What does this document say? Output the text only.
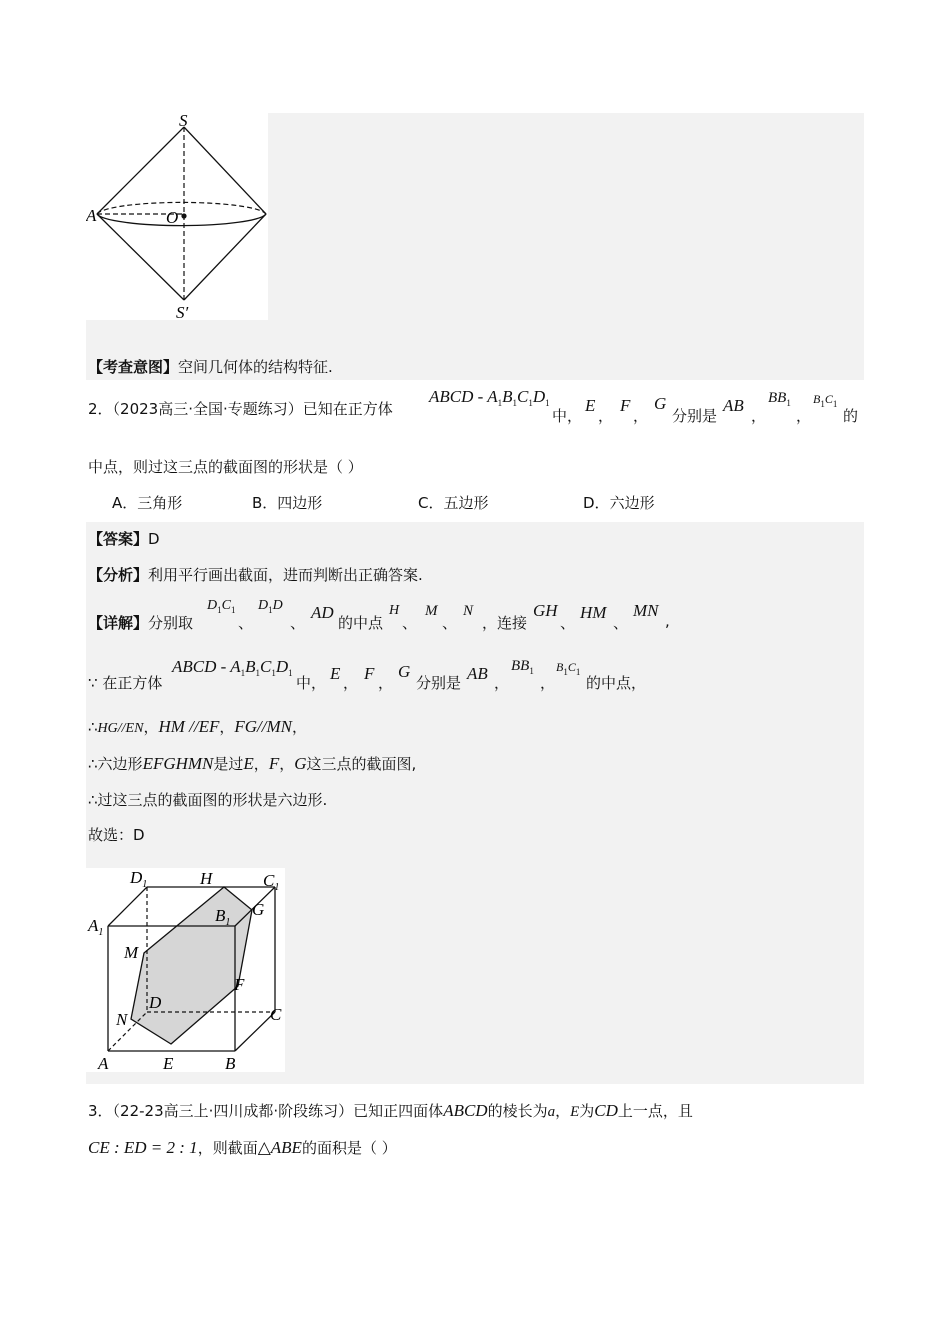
S
A	O
S′
【考查意图】空间几何体的结构特征.
2．（2023高三·全国·专题练习）已知在正方体
ABCD - $A_1B_1C_1D_1$
中，
E
，
F
，
G
分别是
AB
，
$BB_1$
，
$B_1C_1$
的
中点，则过这三点的截面图的形状是（ ）
A．三角形	B．四边形	C．五边形	D．六边形
【答案】D
【分析】利用平行画出截面，进而判断出正确答案.
【详解】分别取
$D_1C_1$
、
$D_1D$
、
AD
的中点
H
、
M
、
N
，连接
GH
、
HM
、
MN
,
∵ 在正方体
ABCD - $A_1B_1C_1D_1$
中， E ， F ，
G
分别是 AB ，
$BB_1$
，
$B_1C_1$
的中点，
∴HG//EN，HM //EF，FG//MN，
∴六边形EFGHMN是过E，F，G这三点的截面图,
∴过这三点的截面图的形状是六边形.
故选：D
$D_1$	H	$C_1$
$A_1$
$B_1$
G
M
F
D
C
N
A	E	B
3．（22-23高三上·四川成都·阶段练习）已知正四面体ABCD的棱长为a，E为CD上一点，且
CE : ED = 2 : 1，则截面△ABE的面积是（ ）
